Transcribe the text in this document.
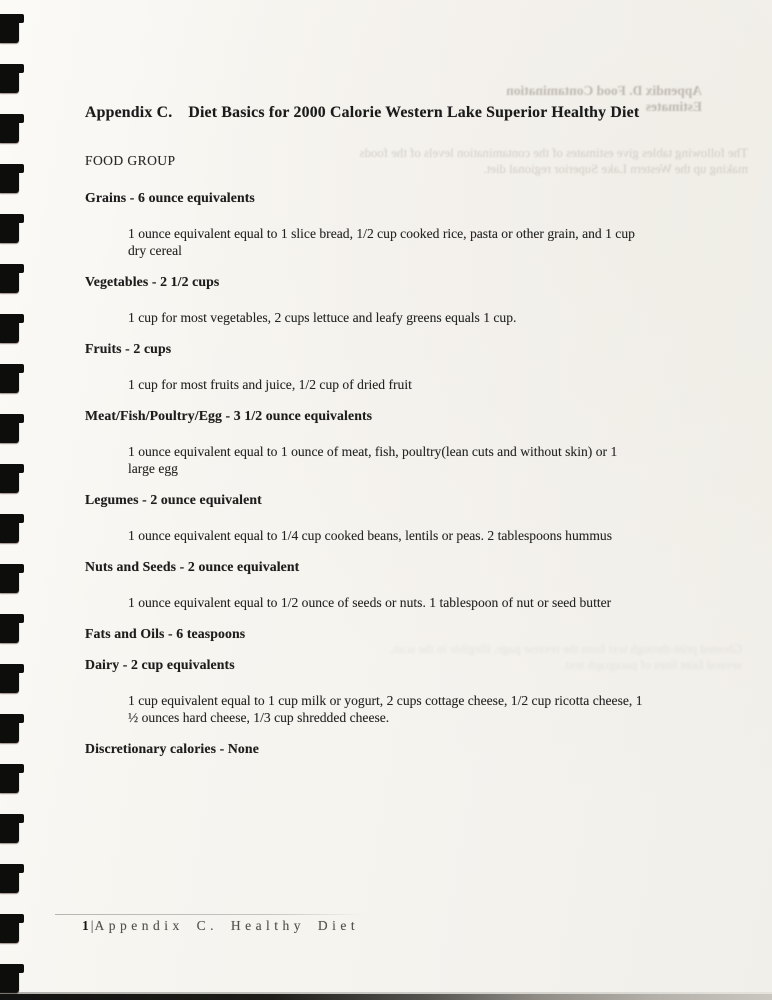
Appendix D. Food Contamination Estimates
The following tables give estimates of the contamination levels of the foods making up the Western Lake Superior regional diet.
Ghosted print-through text from the reverse page, illegible in the scan, several faint lines of paragraph text.
Appendix C. Diet Basics for 2000 Calorie Western Lake Superior Healthy Diet
FOOD GROUP
Grains - 6 ounce equivalents

1 ounce equivalent equal to 1 slice bread, 1/2 cup cooked rice, pasta or other grain, and 1 cup dry cereal

Vegetables - 2 1/2 cups

1 cup for most vegetables, 2 cups lettuce and leafy greens equals 1 cup.

Fruits - 2 cups

1 cup for most fruits and juice, 1/2 cup of dried fruit

Meat/Fish/Poultry/Egg - 3 1/2 ounce equivalents

1 ounce equivalent equal to 1 ounce of meat, fish, poultry(lean cuts and without skin) or 1 large egg

Legumes - 2 ounce equivalent

1 ounce equivalent equal to 1/4 cup cooked beans, lentils or peas. 2 tablespoons hummus

Nuts and Seeds - 2 ounce equivalent

1 ounce equivalent equal to 1/2 ounce of seeds or nuts. 1 tablespoon of nut or seed butter

Fats and Oils - 6 teaspoons
Dairy - 2 cup equivalents

1 cup equivalent equal to 1 cup milk or yogurt, 2 cups cottage cheese, 1/2 cup ricotta cheese, 1 ½ ounces hard cheese, 1/3 cup shredded cheese.

Discretionary calories - None
1|Appendix C. Healthy Diet
